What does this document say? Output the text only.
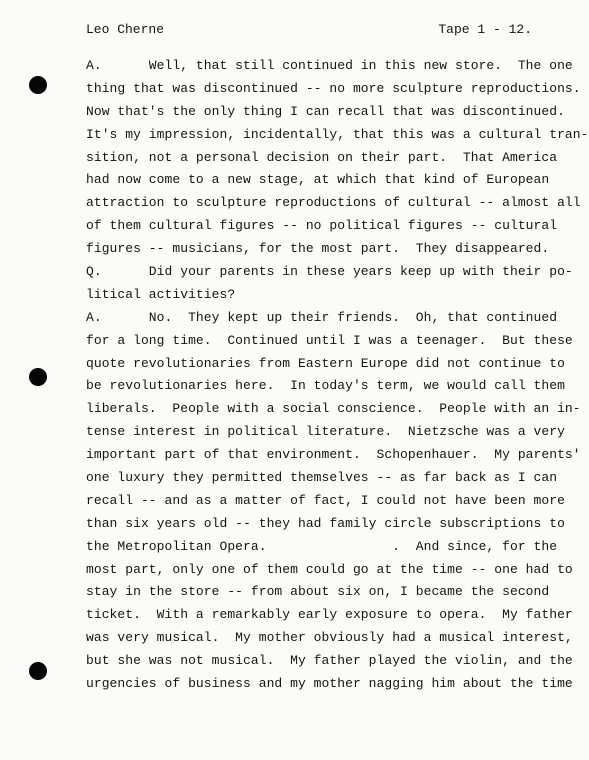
Leo Cherne	Tape 1 - 12.
A.      Well, that still continued in this new store.  The one
thing that was discontinued -- no more sculpture reproductions.
Now that's the only thing I can recall that was discontinued.
It's my impression, incidentally, that this was a cultural tran-
sition, not a personal decision on their part.  That America
had now come to a new stage, at which that kind of European
attraction to sculpture reproductions of cultural -- almost all
of them cultural figures -- no political figures -- cultural
figures -- musicians, for the most part.  They disappeared.
Q.      Did your parents in these years keep up with their po-
litical activities?
A.      No.  They kept up their friends.  Oh, that continued
for a long time.  Continued until I was a teenager.  But these
quote revolutionaries from Eastern Europe did not continue to
be revolutionaries here.  In today's term, we would call them
liberals.  People with a social conscience.  People with an in-
tense interest in political literature.  Nietzsche was a very
important part of that environment.  Schopenhauer.  My parents'
one luxury they permitted themselves -- as far back as I can
recall -- and as a matter of fact, I could not have been more
than six years old -- they had family circle subscriptions to
the Metropolitan Opera.                .  And since, for the
most part, only one of them could go at the time -- one had to
stay in the store -- from about six on, I became the second
ticket.  With a remarkably early exposure to opera.  My father
was very musical.  My mother obviously had a musical interest,
but she was not musical.  My father played the violin, and the
urgencies of business and my mother nagging him about the time
